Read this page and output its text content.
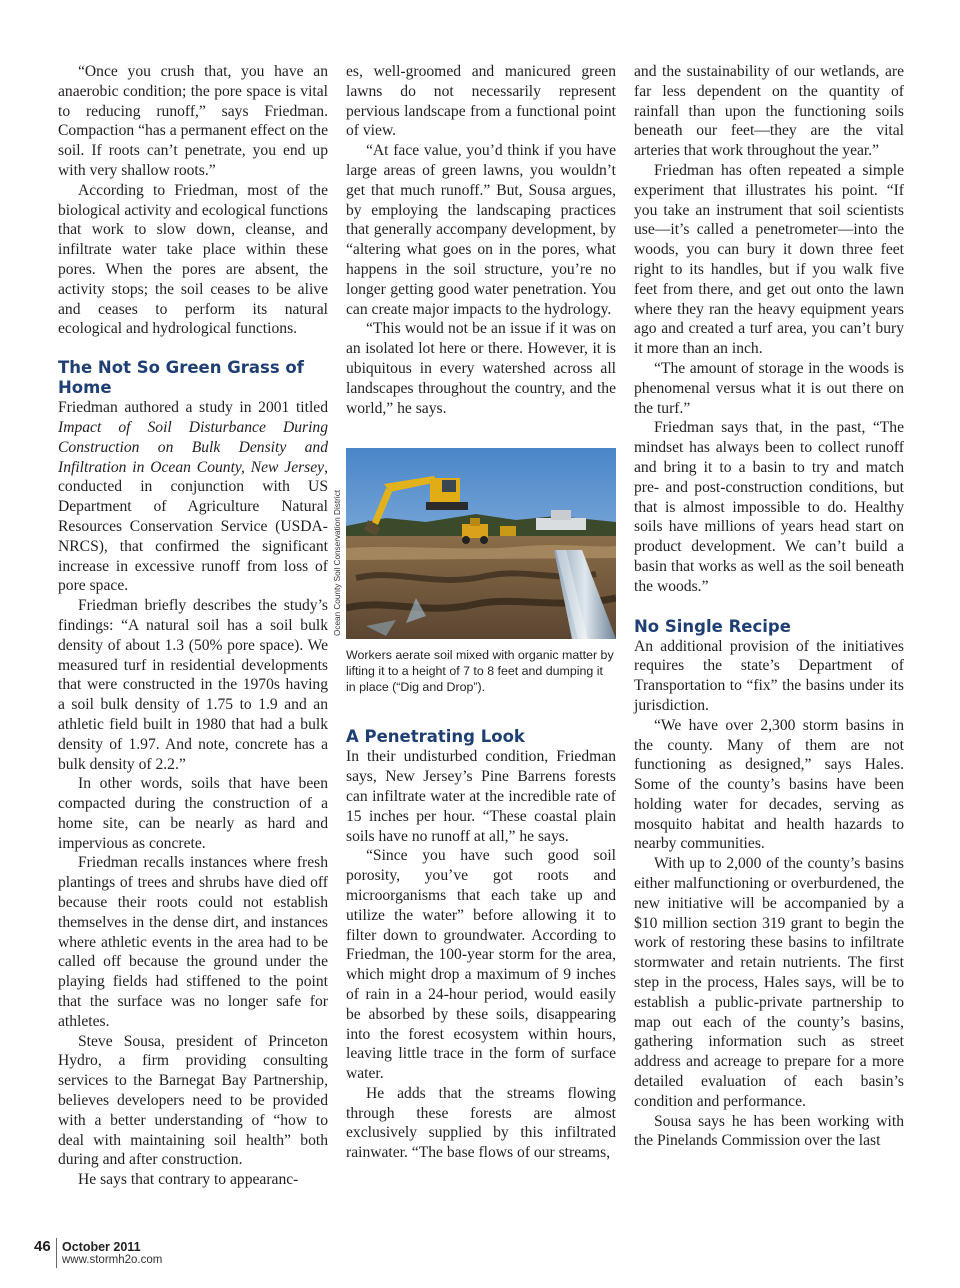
“Once you crush that, you have an anaerobic condition; the pore space is vital to reducing runoff,” says Friedman. Compaction “has a permanent effect on the soil. If roots can’t penetrate, you end up with very shallow roots.”

According to Friedman, most of the biological activity and ecological functions that work to slow down, cleanse, and infiltrate water take place within these pores. When the pores are absent, the activity stops; the soil ceases to be alive and ceases to perform its natural ecological and hydrological functions.

The Not So Green Grass of Home

Friedman authored a study in 2001 titled Impact of Soil Disturbance During Construction on Bulk Density and Infiltration in Ocean County, New Jersey, conducted in conjunction with US Department of Agriculture Natural Resources Conservation Service (USDA-NRCS), that confirmed the significant increase in excessive runoff from loss of pore space.

Friedman briefly describes the study’s findings: “A natural soil has a soil bulk density of about 1.3 (50% pore space). We measured turf in residential developments that were constructed in the 1970s having a soil bulk density of 1.75 to 1.9 and an athletic field built in 1980 that had a bulk density of 1.97. And note, concrete has a bulk density of 2.2.”

In other words, soils that have been compacted during the construction of a home site, can be nearly as hard and impervious as concrete.

Friedman recalls instances where fresh plantings of trees and shrubs have died off because their roots could not establish themselves in the dense dirt, and instances where athletic events in the area had to be called off because the ground under the playing fields had stiffened to the point that the surface was no longer safe for athletes.

Steve Sousa, president of Princeton Hydro, a firm providing consulting services to the Barnegat Bay Partnership, believes developers need to be provided with a better understanding of “how to deal with maintaining soil health” both during and after construction.

He says that contrary to appearanc-

es, well-groomed and manicured green lawns do not necessarily represent pervious landscape from a functional point of view.

“At face value, you’d think if you have large areas of green lawns, you wouldn’t get that much runoff.” But, Sousa argues, by employing the landscaping practices that generally accompany development, by “altering what goes on in the pores, what happens in the soil structure, you’re no longer getting good water penetration. You can create major impacts to the hydrology.

“This would not be an issue if it was on an isolated lot here or there. However, it is ubiquitous in every watershed across all landscapes throughout the country, and the world,” he says.

Ocean County Soil Conservation District
Workers aerate soil mixed with organic matter by lifting it to a height of 7 to 8 feet and dumping it in place (“Dig and Drop”).
A Penetrating Look

In their undisturbed condition, Friedman says, New Jersey’s Pine Barrens forests can infiltrate water at the incredible rate of 15 inches per hour. “These coastal plain soils have no runoff at all,” he says.

“Since you have such good soil porosity, you’ve got roots and microorganisms that each take up and utilize the water” before allowing it to filter down to groundwater. According to Friedman, the 100-year storm for the area, which might drop a maximum of 9 inches of rain in a 24-hour period, would easily be absorbed by these soils, disappearing into the forest ecosystem within hours, leaving little trace in the form of surface water.

He adds that the streams flowing through these forests are almost exclusively supplied by this infiltrated rainwater. “The base flows of our streams,

and the sustainability of our wetlands, are far less dependent on the quantity of rainfall than upon the functioning soils beneath our feet—they are the vital arteries that work throughout the year.”

Friedman has often repeated a simple experiment that illustrates his point. “If you take an instrument that soil scientists use—it’s called a penetrometer—into the woods, you can bury it down three feet right to its handles, but if you walk five feet from there, and get out onto the lawn where they ran the heavy equipment years ago and created a turf area, you can’t bury it more than an inch.

“The amount of storage in the woods is phenomenal versus what it is out there on the turf.”

Friedman says that, in the past, “The mindset has always been to collect runoff and bring it to a basin to try and match pre- and post-construction conditions, but that is almost impossible to do. Healthy soils have millions of years head start on product development. We can’t build a basin that works as well as the soil beneath the woods.”

No Single Recipe

An additional provision of the initiatives requires the state’s Department of Transportation to “fix” the basins under its jurisdiction.

“We have over 2,300 storm basins in the county. Many of them are not functioning as designed,” says Hales. Some of the county’s basins have been holding water for decades, serving as mosquito habitat and health hazards to nearby communities.

With up to 2,000 of the county’s basins either malfunctioning or overburdened, the new initiative will be accompanied by a $10 million section 319 grant to begin the work of restoring these basins to infiltrate stormwater and retain nutrients. The first step in the process, Hales says, will be to establish a public-private partnership to map out each of the county’s basins, gathering information such as street address and acreage to prepare for a more detailed evaluation of each basin’s condition and performance.

Sousa says he has been working with the Pinelands Commission over the last

46 October 2011
www.stormh2o.com
